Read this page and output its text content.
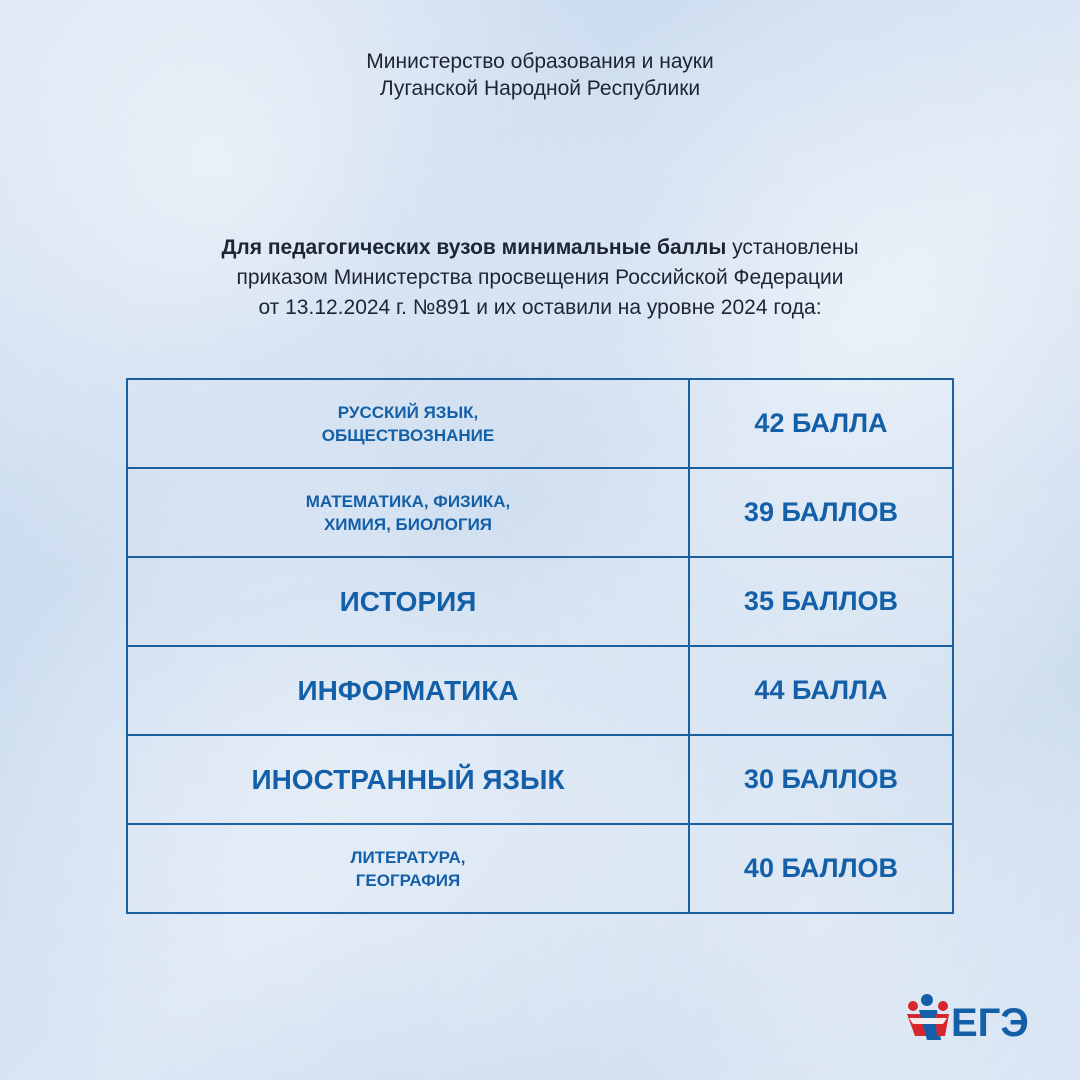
Министерство образования и науки
Луганской Народной Республики
Для педагогических вузов минимальные баллы установлены
приказом Министерства просвещения Российской Федерации
от 13.12.2024 г. №891 и их оставили на уровне 2024 года:
РУССКИЙ ЯЗЫК,
ОБЩЕСТВОЗНАНИЕ	42 БАЛЛА

МАТЕМАТИКА, ФИЗИКА,
ХИМИЯ, БИОЛОГИЯ	39 БАЛЛОВ
ИСТОРИЯ	35 БАЛЛОВ
ИНФОРМАТИКА	44 БАЛЛА
ИНОСТРАННЫЙ ЯЗЫК	30 БАЛЛОВ

ЛИТЕРАТУРА,
ГЕОГРАФИЯ	40 БАЛЛОВ
ЕГЭ
